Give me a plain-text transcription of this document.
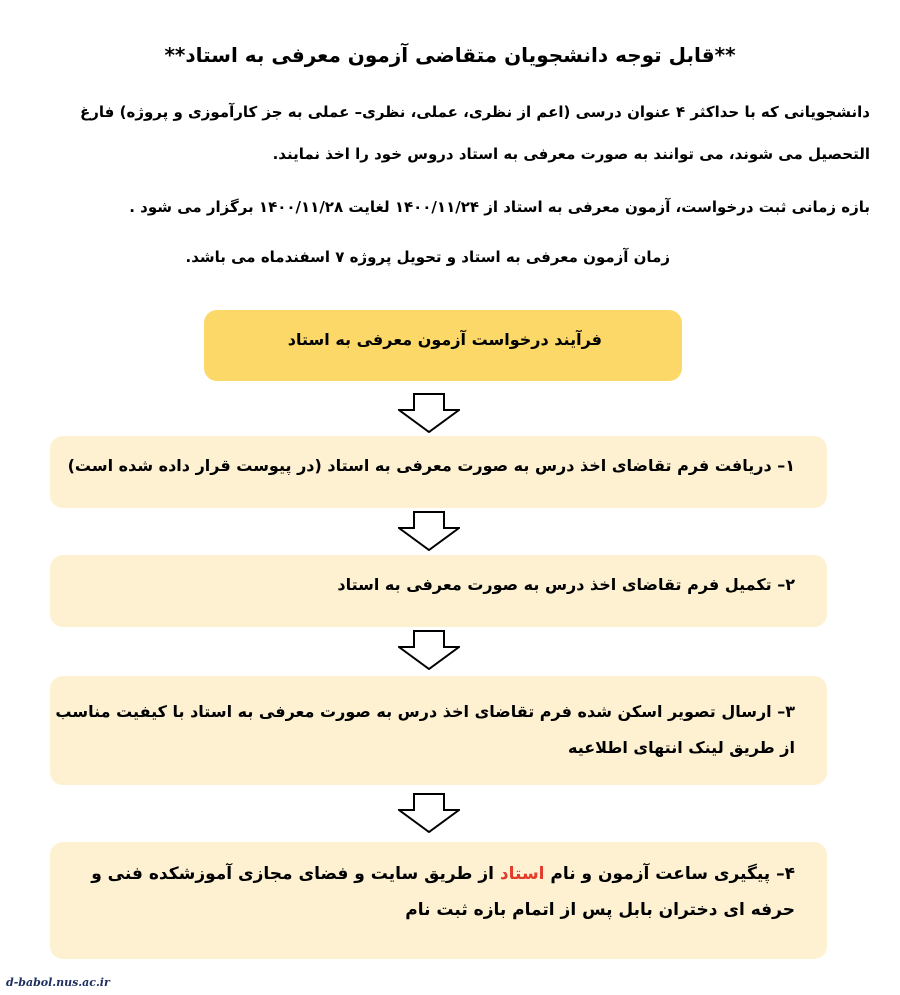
**قابل توجه دانشجویان متقاضی آزمون معرفی به استاد**
دانشجویانی که با حداکثر ۴ عنوان درسی (اعم از نظری، عملی، نظری– عملی به جز کارآموزی و پروژه) فارغ التحصیل می شوند، می توانند به صورت معرفی به استاد دروس خود را اخذ نمایند.
بازه زمانی ثبت درخواست، آزمون معرفی به استاد از ۱۴۰۰/۱۱/۲۴ لغایت ۱۴۰۰/۱۱/۲۸ برگزار می شود .
زمان آزمون معرفی به استاد و تحویل پروژه ۷ اسفندماه می باشد.
فرآیند درخواست آزمون معرفی به استاد
۱– دریافت فرم تقاضای اخذ درس به صورت معرفی به استاد (در پیوست قرار داده شده است)
۲– تکمیل فرم تقاضای اخذ درس به صورت معرفی به استاد
۳– ارسال تصویر اسکن شده فرم تقاضای اخذ درس به صورت معرفی به استاد با کیفیت مناسب از طریق لینک انتهای اطلاعیه
۴– پیگیری ساعت آزمون و نام استاد از طریق سایت و فضای مجازی آموزشکده فنی و حرفه ای دختران بابل پس از اتمام بازه ثبت نام
d-babol.nus.ac.ir
